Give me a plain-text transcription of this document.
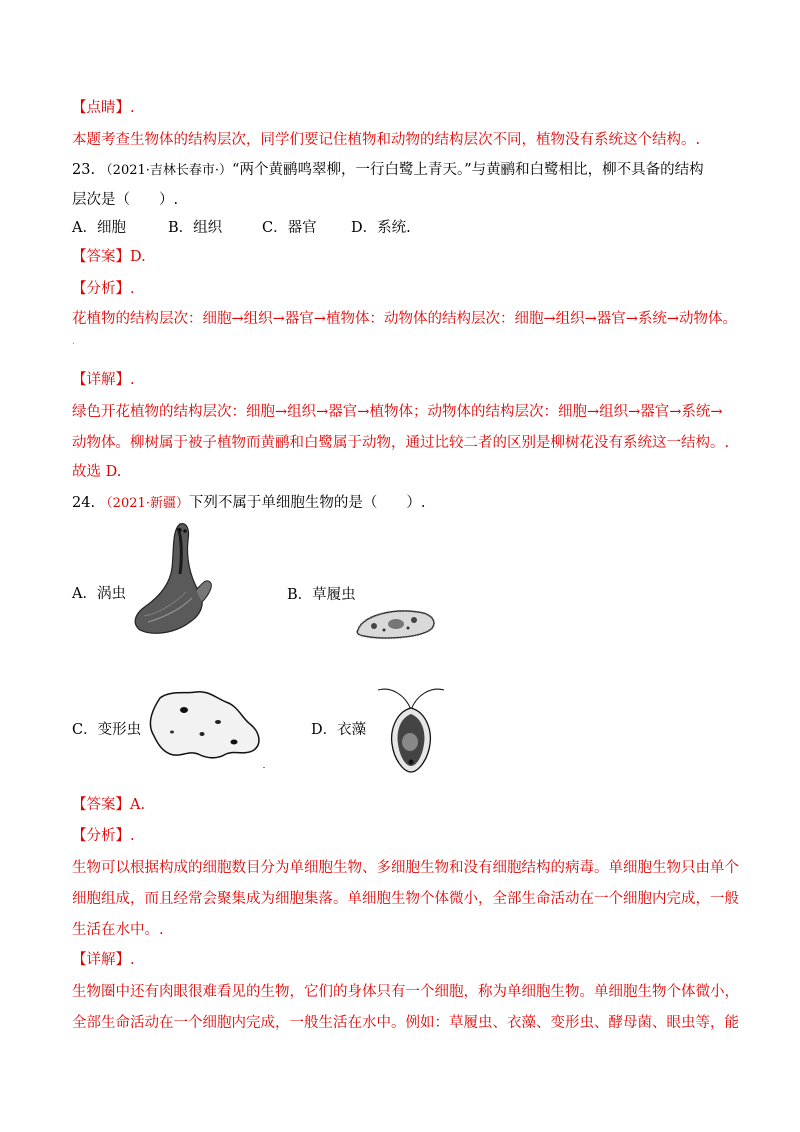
【点睛】.
本题考查生物体的结构层次，同学们要记住植物和动物的结构层次不同，植物没有系统这个结构。.
23. （2021·吉林长春市·）“两个黄鹂鸣翠柳，一行白鹭上青天。”与黄鹂和白鹭相比，柳不具备的结构
层次是（　　）.
A．细胞	B．组织	C．器官 D．系统.
【答案】D.
【分析】.
花植物的结构层次：细胞→组织→器官→植物体：动物体的结构层次：细胞→组织→器官→系统→动物体。
.
【详解】.
绿色开花植物的结构层次：细胞→组织→器官→植物体；动物体的结构层次：细胞→组织→器官→系统→
动物体。柳树属于被子植物而黄鹂和白鹭属于动物，通过比较二者的区别是柳树花没有系统这一结构。.
故选 D.
24. （2021·新疆）下列不属于单细胞生物的是（　　）.
A．涡虫	B．草履虫
C．变形虫	D．衣藻
【答案】A.
【分析】.
生物可以根据构成的细胞数目分为单细胞生物、多细胞生物和没有细胞结构的病毒。单细胞生物只由单个
细胞组成，而且经常会聚集成为细胞集落。单细胞生物个体微小，全部生命活动在一个细胞内完成，一般
生活在水中。.
【详解】.
生物圈中还有肉眼很难看见的生物，它们的身体只有一个细胞，称为单细胞生物。单细胞生物个体微小，
全部生命活动在一个细胞内完成，一般生活在水中。例如：草履虫、衣藻、变形虫、酵母菌、眼虫等，能
